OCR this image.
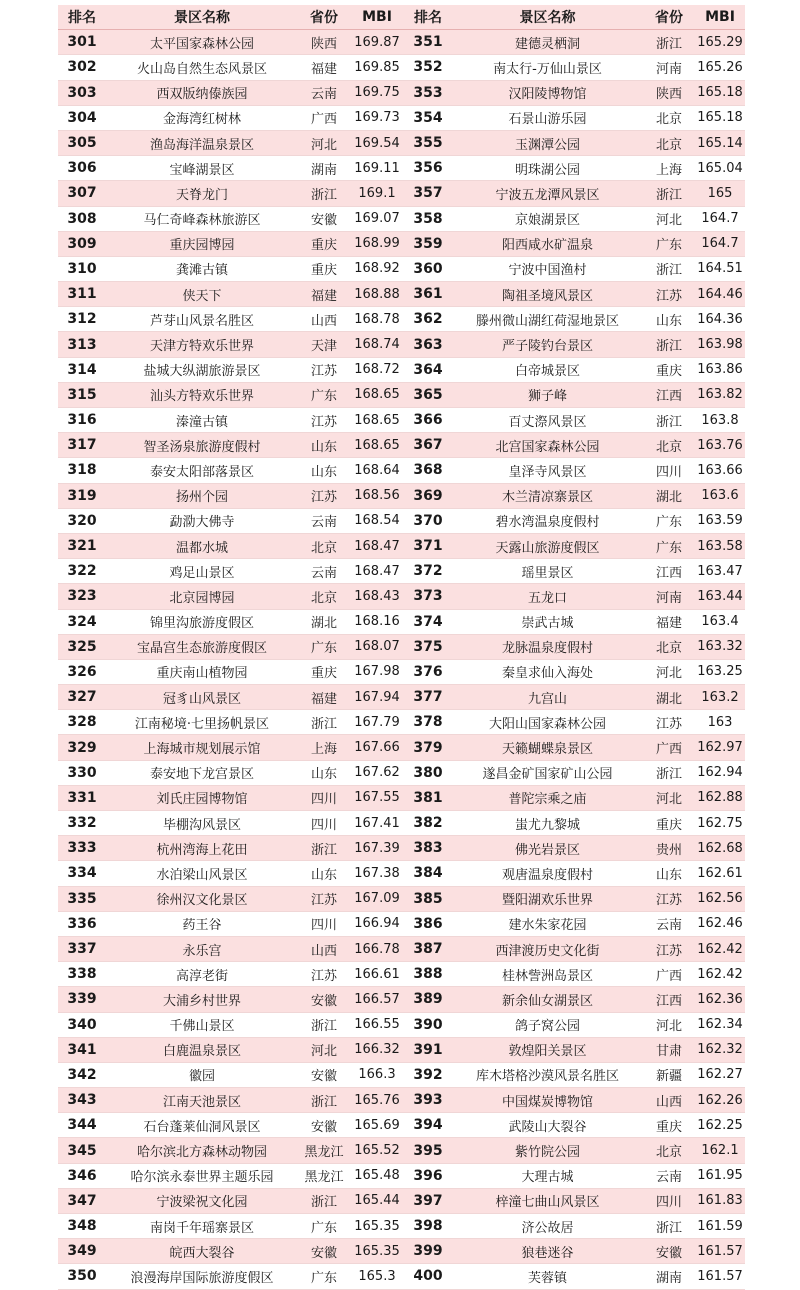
排名	景区名称	省份	MBI	排名	景区名称	省份	MBI
301	太平国家森林公园	陕西	169.87	351	建德灵栖洞	浙江	165.29
302	火山岛自然生态风景区	福建	169.85	352	南太行-万仙山景区	河南	165.26
303	西双版纳傣族园	云南	169.75	353	汉阳陵博物馆	陕西	165.18
304	金海湾红树林	广西	169.73	354	石景山游乐园	北京	165.18
305	渔岛海洋温泉景区	河北	169.54	355	玉渊潭公园	北京	165.14
306	宝峰湖景区	湖南	169.11	356	明珠湖公园	上海	165.04
307	天脊龙门	浙江	169.1	357	宁波五龙潭风景区	浙江	165
308	马仁奇峰森林旅游区	安徽	169.07	358	京娘湖景区	河北	164.7
309	重庆园博园	重庆	168.99	359	阳西咸水矿温泉	广东	164.7
310	龚滩古镇	重庆	168.92	360	宁波中国渔村	浙江	164.51
311	侠天下	福建	168.88	361	陶祖圣境风景区	江苏	164.46
312	芦芽山风景名胜区	山西	168.78	362	滕州微山湖红荷湿地景区	山东	164.36
313	天津方特欢乐世界	天津	168.74	363	严子陵钓台景区	浙江	163.98
314	盐城大纵湖旅游景区	江苏	168.72	364	白帝城景区	重庆	163.86
315	汕头方特欢乐世界	广东	168.65	365	狮子峰	江西	163.82
316	溱潼古镇	江苏	168.65	366	百丈漈风景区	浙江	163.8
317	智圣汤泉旅游度假村	山东	168.65	367	北宫国家森林公园	北京	163.76
318	泰安太阳部落景区	山东	168.64	368	皇泽寺风景区	四川	163.66
319	扬州个园	江苏	168.56	369	木兰清凉寨景区	湖北	163.6
320	勐泐大佛寺	云南	168.54	370	碧水湾温泉度假村	广东	163.59
321	温都水城	北京	168.47	371	天露山旅游度假区	广东	163.58
322	鸡足山景区	云南	168.47	372	瑶里景区	江西	163.47
323	北京园博园	北京	168.43	373	五龙口	河南	163.44
324	锦里沟旅游度假区	湖北	168.16	374	崇武古城	福建	163.4
325	宝晶宫生态旅游度假区	广东	168.07	375	龙脉温泉度假村	北京	163.32
326	重庆南山植物园	重庆	167.98	376	秦皇求仙入海处	河北	163.25
327	冠豸山风景区	福建	167.94	377	九宫山	湖北	163.2
328	江南秘境·七里扬帆景区	浙江	167.79	378	大阳山国家森林公园	江苏	163
329	上海城市规划展示馆	上海	167.66	379	天籁蝴蝶泉景区	广西	162.97
330	泰安地下龙宫景区	山东	167.62	380	遂昌金矿国家矿山公园	浙江	162.94
331	刘氏庄园博物馆	四川	167.55	381	普陀宗乘之庙	河北	162.88
332	毕棚沟风景区	四川	167.41	382	蚩尤九黎城	重庆	162.75
333	杭州湾海上花田	浙江	167.39	383	佛光岩景区	贵州	162.68
334	水泊梁山风景区	山东	167.38	384	观唐温泉度假村	山东	162.61
335	徐州汉文化景区	江苏	167.09	385	暨阳湖欢乐世界	江苏	162.56
336	药王谷	四川	166.94	386	建水朱家花园	云南	162.46
337	永乐宫	山西	166.78	387	西津渡历史文化街	江苏	162.42
338	高淳老街	江苏	166.61	388	桂林訾洲岛景区	广西	162.42
339	大浦乡村世界	安徽	166.57	389	新余仙女湖景区	江西	162.36
340	千佛山景区	浙江	166.55	390	鸽子窝公园	河北	162.34
341	白鹿温泉景区	河北	166.32	391	敦煌阳关景区	甘肃	162.32
342	徽园	安徽	166.3	392	库木塔格沙漠风景名胜区	新疆	162.27
343	江南天池景区	浙江	165.76	393	中国煤炭博物馆	山西	162.26
344	石台蓬莱仙洞风景区	安徽	165.69	394	武陵山大裂谷	重庆	162.25
345	哈尔滨北方森林动物园	黑龙江	165.52	395	紫竹院公园	北京	162.1
346	哈尔滨永泰世界主题乐园	黑龙江	165.48	396	大理古城	云南	161.95
347	宁波梁祝文化园	浙江	165.44	397	梓潼七曲山风景区	四川	161.83
348	南岗千年瑶寨景区	广东	165.35	398	济公故居	浙江	161.59
349	皖西大裂谷	安徽	165.35	399	狼巷迷谷	安徽	161.57
350	浪漫海岸国际旅游度假区	广东	165.3	400	芙蓉镇	湖南	161.57
